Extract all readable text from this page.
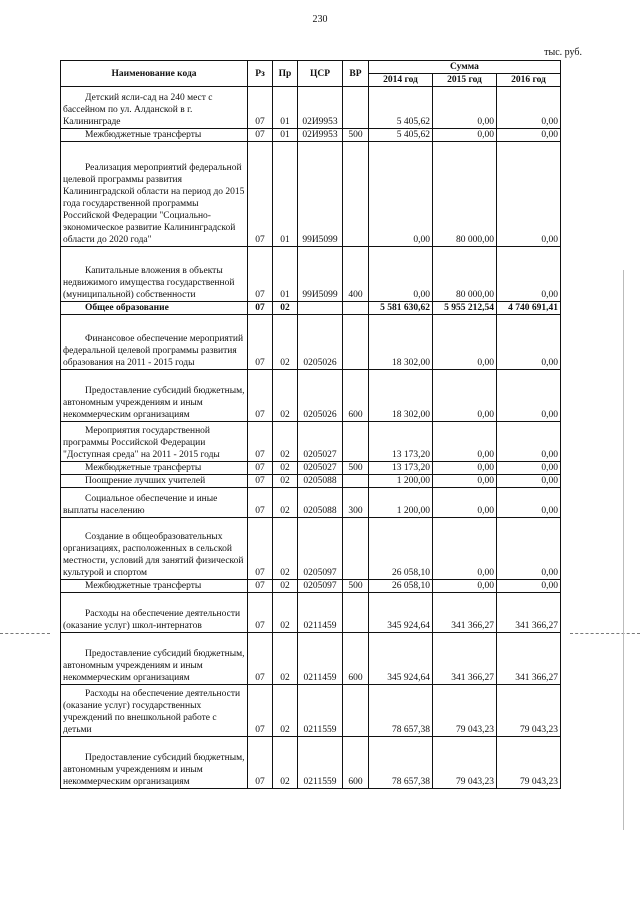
230
тыс. руб.
Наименование кода	Рз	Пр	ЦСР	ВР	Сумма		
					2014 год	2015 год	2016 год
Детский ясли-сад на 240 мест с бассейном по ул. Алданской в г. Калининграде	07	01	02И9953		5 405,62	0,00	0,00
Межбюджетные трансферты	07	01	02И9953	500	5 405,62	0,00	0,00
Реализация мероприятий федеральной целевой программы развития Калининградской области на период до 2015 года государственной программы Российской Федерации "Социально-экономическое развитие Калининградской области до 2020 года"	07	01	99И5099		0,00	80 000,00	0,00
Капитальные вложения в объекты недвижимого имущества государственной (муниципальной) собственности	07	01	99И5099	400	0,00	80 000,00	0,00
Общее образование	07	02			5 581 630,62	5 955 212,54	4 740 691,41
Финансовое обеспечение мероприятий федеральной целевой программы развития образования на 2011 - 2015 годы	07	02	0205026		18 302,00	0,00	0,00
Предоставление субсидий бюджетным, автономным учреждениям и иным некоммерческим организациям	07	02	0205026	600	18 302,00	0,00	0,00
Мероприятия государственной программы Российской Федерации "Доступная среда" на 2011 - 2015 годы	07	02	0205027		13 173,20	0,00	0,00
Межбюджетные трансферты	07	02	0205027	500	13 173,20	0,00	0,00
Поощрение лучших учителей	07	02	0205088		1 200,00	0,00	0,00
Социальное обеспечение и иные выплаты населению	07	02	0205088	300	1 200,00	0,00	0,00
Создание в общеобразовательных организациях, расположенных в сельской местности, условий для занятий физической культурой и спортом	07	02	0205097		26 058,10	0,00	0,00
Межбюджетные трансферты	07	02	0205097	500	26 058,10	0,00	0,00
Расходы на обеспечение деятельности (оказание услуг) школ-интернатов	07	02	0211459		345 924,64	341 366,27	341 366,27
Предоставление субсидий бюджетным, автономным учреждениям и иным некоммерческим организациям	07	02	0211459	600	345 924,64	341 366,27	341 366,27
Расходы на обеспечение деятельности (оказание услуг) государственных учреждений по внешкольной работе с детьми	07	02	0211559		78 657,38	79 043,23	79 043,23
Предоставление субсидий бюджетным, автономным учреждениям и иным некоммерческим организациям	07	02	0211559	600	78 657,38	79 043,23	79 043,23
